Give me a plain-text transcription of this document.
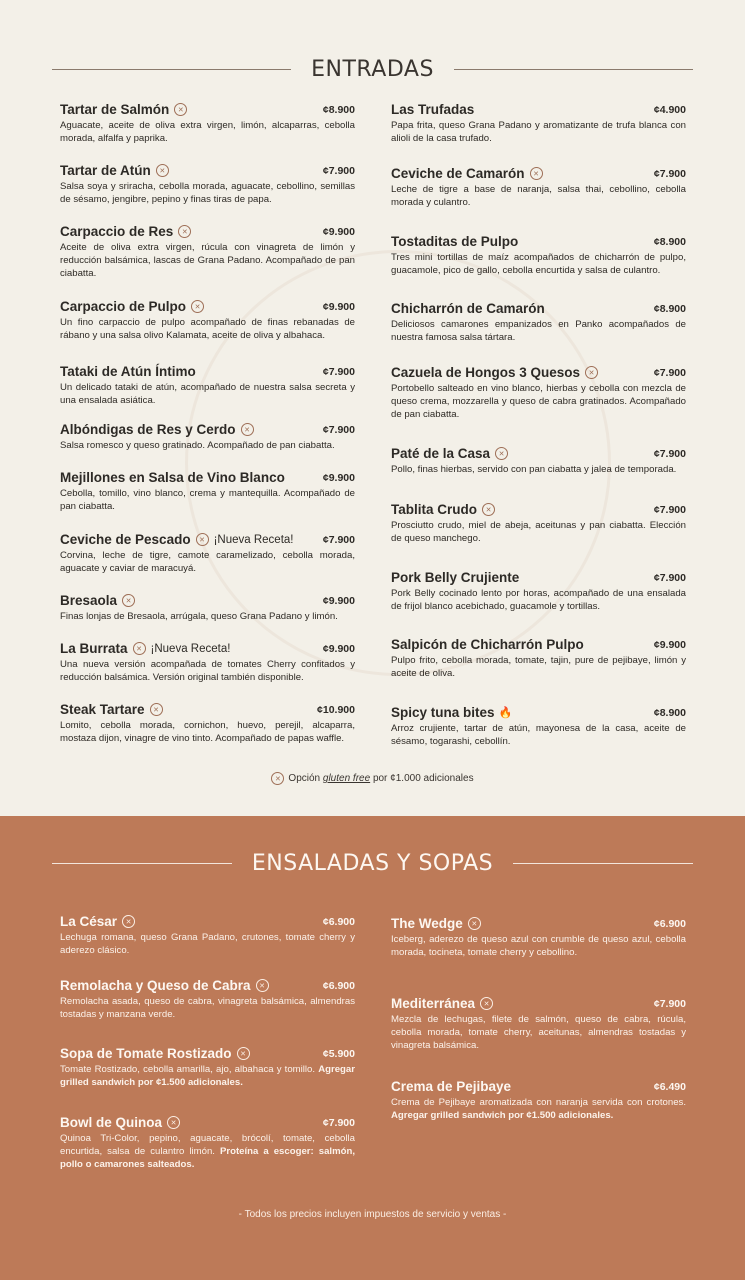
ENTRADAS
Tartar de Salmón	✕	¢8.900
Aguacate, aceite de oliva extra virgen, limón, alcaparras, cebolla morada, alfalfa y paprika.
Tartar de Atún	✕	¢7.900
Salsa soya y sriracha, cebolla morada, aguacate, cebollino, semillas de sésamo, jengibre, pepino y finas tiras de papa.
Carpaccio de Res	✕	¢9.900
Aceite de oliva extra virgen, rúcula con vinagreta de limón y reducción balsámica, lascas de Grana Padano. Acompañado de pan ciabatta.
Carpaccio de Pulpo	✕	¢9.900
Un fino carpaccio de pulpo acompañado de finas rebanadas de rábano y una salsa olivo Kalamata, aceite de oliva y albahaca.
Tataki de Atún Íntimo	¢7.900
Un delicado tataki de atún, acompañado de nuestra salsa secreta y una ensalada asiática.
Albóndigas de Res y Cerdo	✕	¢7.900
Salsa romesco y queso gratinado. Acompañado de pan ciabatta.
Mejillones en Salsa de Vino Blanco	¢9.900
Cebolla, tomillo, vino blanco, crema y mantequilla. Acompañado de pan ciabatta.
Ceviche de Pescado	✕ ¡Nueva Receta!	¢7.900
Corvina, leche de tigre, camote caramelizado, cebolla morada, aguacate y caviar de maracuyá.
Bresaola	✕	¢9.900
Finas lonjas de Bresaola, arrúgala, queso Grana Padano y limón.
La Burrata	✕ ¡Nueva Receta!	¢9.900
Una nueva versión acompañada de tomates Cherry confitados y reducción balsámica. Versión original también disponible.
Steak Tartare	✕	¢10.900
Lomito, cebolla morada, cornichon, huevo, perejil, alcaparra, mostaza dijon, vinagre de vino tinto. Acompañado de papas waffle.
Las Trufadas	¢4.900
Papa frita, queso Grana Padano y aromatizante de trufa blanca con alioli de la casa trufado.
Ceviche de Camarón	✕	¢7.900
Leche de tigre a base de naranja, salsa thai, cebollino, cebolla morada y culantro.
Tostaditas de Pulpo	¢8.900
Tres mini tortillas de maíz acompañados de chicharrón de pulpo, guacamole, pico de gallo, cebolla encurtida y salsa de culantro.
Chicharrón de Camarón	¢8.900
Deliciosos camarones empanizados en Panko acompañados de nuestra famosa salsa tártara.
Cazuela de Hongos 3 Quesos	✕	¢7.900
Portobello salteado en vino blanco, hierbas y cebolla con mezcla de queso crema, mozzarella y queso de cabra gratinados. Acompañado de pan ciabatta.
Paté de la Casa	✕	¢7.900
Pollo, finas hierbas, servido con pan ciabatta y jalea de temporada.
Tablita Crudo	✕	¢7.900
Prosciutto crudo, miel de abeja, aceitunas y pan ciabatta. Elección de queso manchego.
Pork Belly Crujiente	¢7.900
Pork Belly cocinado lento por horas, acompañado de una ensalada de frijol blanco acebichado, guacamole y tortillas.
Salpicón de Chicharrón Pulpo	¢9.900
Pulpo frito, cebolla morada, tomate, tajin, pure de pejibaye, limón y aceite de oliva.
Spicy tuna bites 🔥	¢8.900
Arroz crujiente, tartar de atún, mayonesa de la casa, aceite de sésamo, togarashi, cebollín.
✕ Opción gluten free por ¢1.000 adicionales
ENSALADAS Y SOPAS
La César	✕	¢6.900
Lechuga romana, queso Grana Padano, crutones, tomate cherry y aderezo clásico.
Remolacha y Queso de Cabra	✕	¢6.900
Remolacha asada, queso de cabra, vinagreta balsámica, almendras tostadas y manzana verde.
Sopa de Tomate Rostizado	✕	¢5.900
Tomate Rostizado, cebolla amarilla, ajo, albahaca y tomillo. Agregar grilled sandwich por ¢1.500 adicionales.
Bowl de Quinoa	✕	¢7.900
Quinoa Tri-Color, pepino, aguacate, brócolí, tomate, cebolla encurtida, salsa de culantro limón. Proteína a escoger: salmón, pollo o camarones salteados.
The Wedge	✕	¢6.900
Iceberg, aderezo de queso azul con crumble de queso azul, cebolla morada, tocineta, tomate cherry y cebollino.
Mediterránea	✕	¢7.900
Mezcla de lechugas, filete de salmón, queso de cabra, rúcula, cebolla morada, tomate cherry, aceitunas, almendras tostadas y vinagreta balsámica.
Crema de Pejibaye	¢6.490
Crema de Pejibaye aromatizada con naranja servida con crotones. Agregar grilled sandwich por ¢1.500 adicionales.
- Todos los precios incluyen impuestos de servicio y ventas -
